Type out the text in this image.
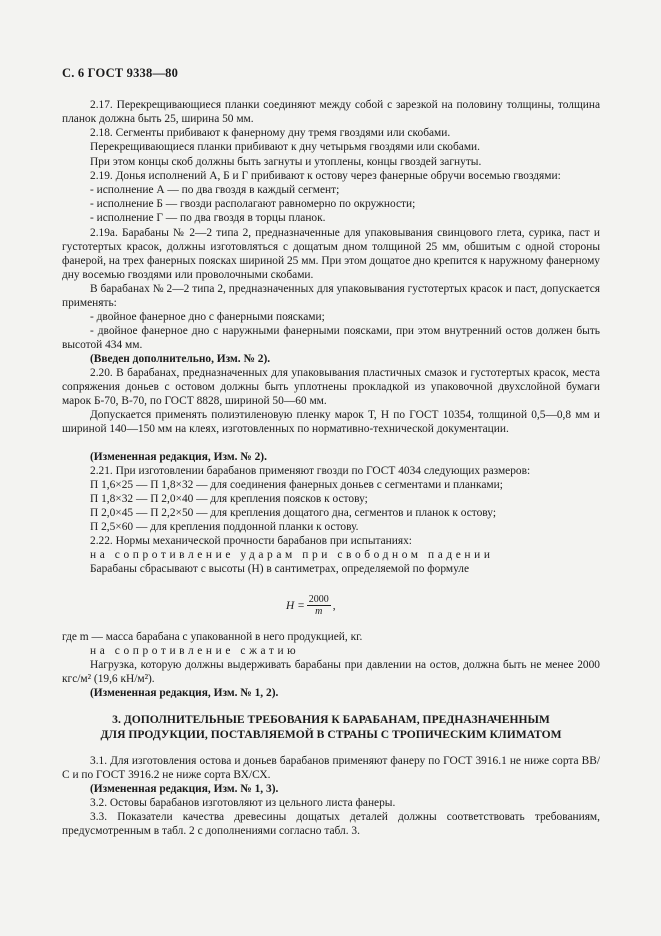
С. 6 ГОСТ 9338—80

2.17. Перекрещивающиеся планки соединяют между собой с зарезкой на половину толщины, толщина планок должна быть 25, ширина 50 мм.

2.18. Сегменты прибивают к фанерному дну тремя гвоздями или скобами.

Перекрещивающиеся планки прибивают к дну четырьмя гвоздями или скобами.

При этом концы скоб должны быть загнуты и утоплены, концы гвоздей загнуты.

2.19. Донья исполнений А, Б и Г прибивают к остову через фанерные обручи восемью гвоздями:

- исполнение А — по два гвоздя в каждый сегмент;

- исполнение Б — гвозди располагают равномерно по окружности;

- исполнение Г — по два гвоздя в торцы планок.

2.19а. Барабаны № 2—2 типа 2, предназначенные для упаковывания свинцового глета, сурика, паст и густотертых красок, должны изготовляться с дощатым дном толщиной 25 мм, обшитым с одной стороны фанерой, на трех фанерных поясках шириной 25 мм. При этом дощатое дно крепится к наружному фанерному дну восемью гвоздями или проволочными скобами.

В барабанах № 2—2 типа 2, предназначенных для упаковывания густотертых красок и паст, допускается применять:

- двойное фанерное дно с фанерными поясками;

- двойное фанерное дно с наружными фанерными поясками, при этом внутренний остов должен быть высотой 434 мм.

(Введен дополнительно, Изм. № 2).

2.20. В барабанах, предназначенных для упаковывания пластичных смазок и густотертых красок, места сопряжения доньев с остовом должны быть уплотнены прокладкой из упаковочной двухслойной бумаги марок Б-70, В-70, по ГОСТ 8828, шириной 50—60 мм.

Допускается применять полиэтиленовую пленку марок Т, Н по ГОСТ 10354, толщиной 0,5—0,8 мм и шириной 140—150 мм на клеях, изготовленных по нормативно-технической документации.

(Измененная редакция, Изм. № 2).

2.21. При изготовлении барабанов применяют гвозди по ГОСТ 4034 следующих размеров:

П 1,6×25 — П 1,8×32 — для соединения фанерных доньев с сегментами и планками;

П 1,8×32 — П 2,0×40 — для крепления поясков к остову;

П 2,0×45 — П 2,2×50 — для крепления дощатого дна, сегментов и планок к остову;

П 2,5×60 — для крепления поддонной планки к остову.

2.22. Нормы механической прочности барабанов при испытаниях:

на сопротивление ударам при свободном падении

Барабаны сбрасывают с высоты (H) в сантиметрах, определяемой по формуле

$H = \frac{2000}{m}$ ,

где m — масса барабана с упакованной в него продукцией, кг.

на сопротивление сжатию

Нагрузка, которую должны выдерживать барабаны при давлении на остов, должна быть не менее 2000 кгс/м² (19,6 кН/м²).

(Измененная редакция, Изм. № 1, 2).

3. ДОПОЛНИТЕЛЬНЫЕ ТРЕБОВАНИЯ К БАРАБАНАМ, ПРЕДНАЗНАЧЕННЫМ

ДЛЯ ПРОДУКЦИИ, ПОСТАВЛЯЕМОЙ В СТРАНЫ С ТРОПИЧЕСКИМ КЛИМАТОМ

3.1. Для изготовления остова и доньев барабанов применяют фанеру по ГОСТ 3916.1 не ниже сорта ВВ/С и по ГОСТ 3916.2 не ниже сорта ВХ/СХ.

(Измененная редакция, Изм. № 1, 3).

3.2. Остовы барабанов изготовляют из цельного листа фанеры.

3.3. Показатели качества древесины дощатых деталей должны соответствовать требованиям, предусмотренным в табл. 2 с дополнениями согласно табл. 3.
